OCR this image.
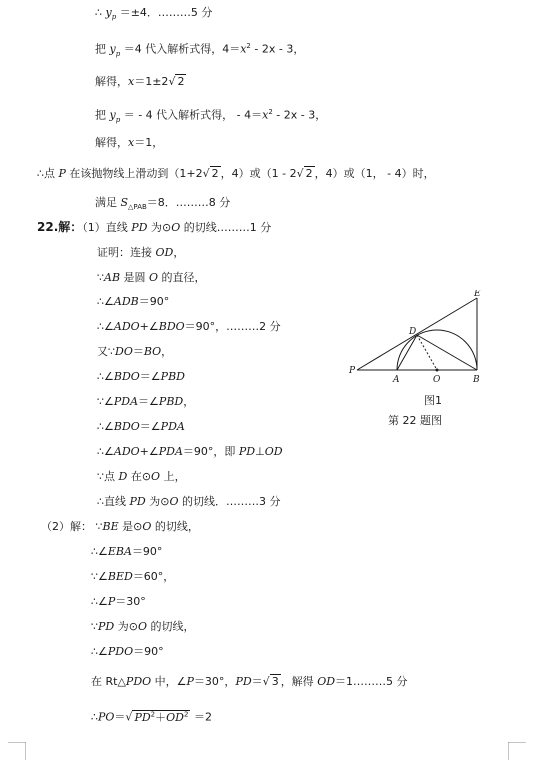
∴ $y_p =\pm 4$．………5 分
把 $y_p =4$ 代入解析式得，$4=x^2 - 2x - 3$，
解得，x＝1±2√ 2
把 $y_p$ ＝ - 4 代入解析式得， - $4=x^2 - 2x - 3$，
解得，x＝1，
∴点 P 在该抛物线上滑动到（1+2√ 2 ，4）或（1 - 2√ 2 ，4）或（1， - 4）时，
满足 $S_{\triangle PAB}=8$．………8 分
22.解：（1）直线 PD 为⊙O 的切线………1 分
证明：连接 OD，
∵AB 是圆 O 的直径，
∴∠ADB＝90°
∴∠ADO+∠BDO＝90°，………2 分
又∵DO＝BO，
∴∠BDO＝∠PBD
∵∠PDA＝∠PBD，
∴∠BDO＝∠PDA
∴∠ADO+∠PDA＝90°，即 PD⊥OD
∵点 D 在⊙O 上，
∴直线 PD 为⊙O 的切线．………3 分
（2）解： ∵BE 是⊙O 的切线，
∴∠EBA＝90°
∵∠BED＝60°，
∴∠P＝30°
∵PD 为⊙O 的切线，
∴∠PDO＝90°
在 Rt△PDO 中，∠P＝30°，PD＝√ 3 ，解得 OD＝1………5 分
∴PO＝√ $PD^2+OD^2 =2$
E
D
P
A	O	B
图1
第 22 题图
